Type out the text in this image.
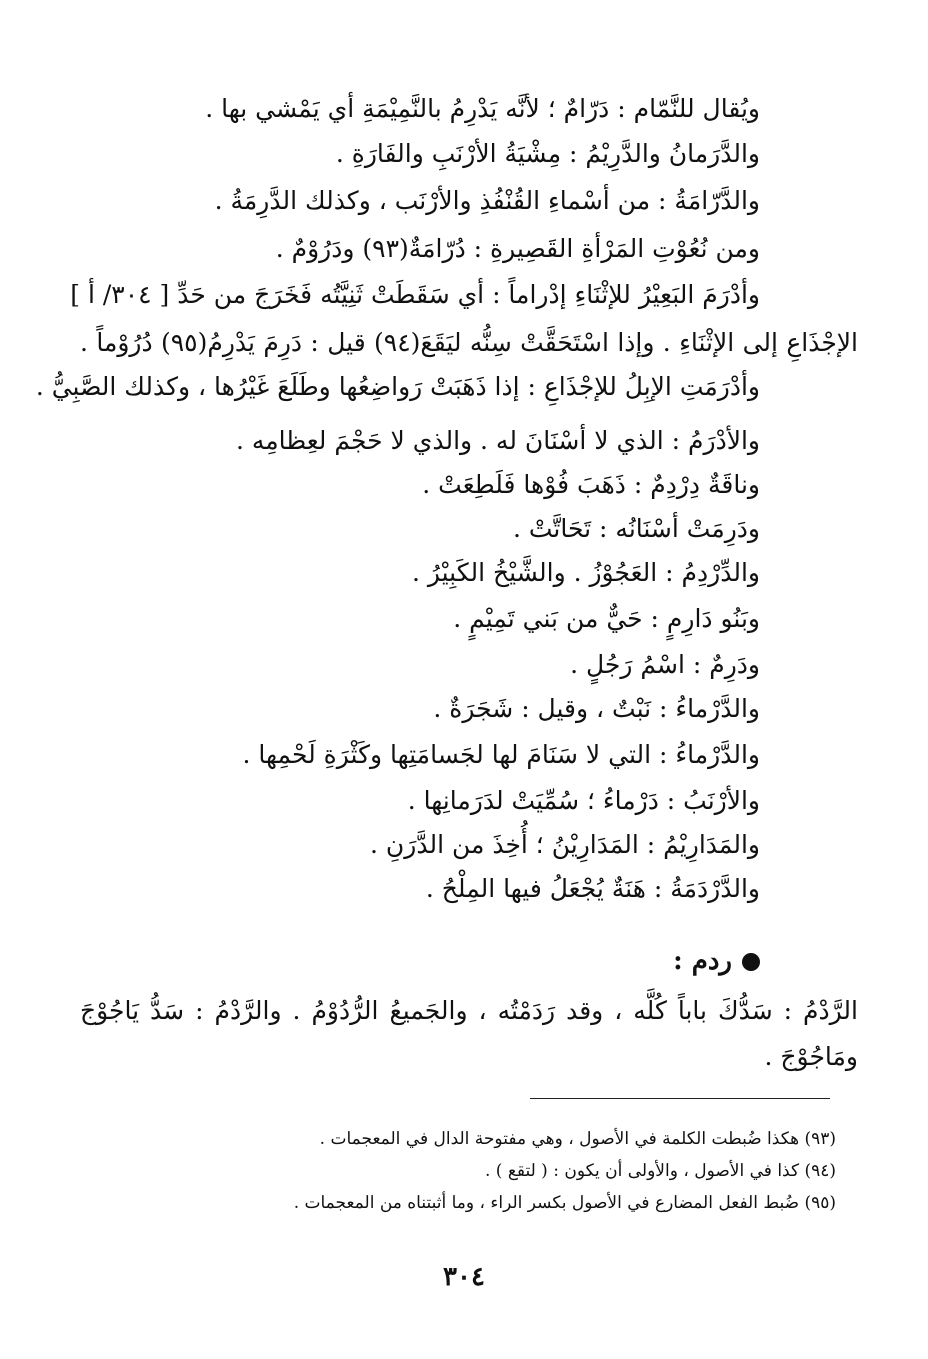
ويُقال للنَّمّام : دَرّامٌ ؛ لأنَّه يَدْرِمُ بالنَّمِيْمَةِ أي يَمْشي بها .
والدَّرَمانُ والدَّرِيْمُ : مِشْيَةُ الأرْنَبِ والفَارَةِ .
والدَّرّامَةُ : من أسْماءِ القُنْفُذِ والأرْنَب ، وكذلك الدَّرِمَةُ .
ومن نُعُوْتِ المَرْأةِ القَصِيرةِ : دُرّامَةٌ(٩٣) ودَرُوْمٌ .
وأدْرَمَ البَعِيْرُ للإثْنَاءِ إدْراماً : أي سَقَطَتْ ثَنِيَّتُه فَخَرَجَ من حَدِّ [ ٣٠٤/ أ ]
الإجْذَاعِ إلى الإثْنَاءِ . وإذا اسْتَحَقَّتْ سِنُّه ليَقَعَ(٩٤) قيل : دَرِمَ يَدْرِمُ(٩٥) دُرُوْماً .
وأدْرَمَتِ الإبِلُ للإجْذَاعِ : إذا ذَهَبَتْ رَواضِعُها وطَلَعَ غَيْرُها ، وكذلك الصَّبِيُّ .
والأدْرَمُ : الذي لا أسْنَانَ له . والذي لا حَجْمَ لعِظامِه .
وناقَةٌ دِرْدِمٌ : ذَهَبَ فُوْها فَلَطِعَتْ .
ودَرِمَتْ أسْنَانُه : تَحَاتَّتْ .
والدِّرْدِمُ : العَجُوْزُ . والشَّيْخُ الكَبِيْرُ .
وبَنُو دَارِمٍ : حَيٌّ من بَني تَمِيْمٍ .
ودَرِمٌ : اسْمُ رَجُلٍ .
والدَّرْماءُ : نَبْتٌ ، وقيل : شَجَرَةٌ .
والدَّرْماءُ : التي لا سَنَامَ لها لجَسامَتِها وكَثْرَةِ لَحْمِها .
والأرْنَبُ : دَرْماءُ ؛ سُمِّيَتْ لدَرَمانِها .
والمَدَارِيْمُ : المَدَارِيْنُ ؛ أُخِذَ من الدَّرَنِ .
والدَّرْدَمَةُ : هَنَةٌ يُجْعَلُ فيها المِلْحُ .
ردم :
الرَّدْمُ : سَدُّكَ باباً كُلَّه ، وقد رَدَمْتُه ، والجَميعُ الرُّدُوْمُ . والرَّدْمُ : سَدُّ يَاجُوْجَ
ومَاجُوْجَ .
(٩٣) هكذا ضُبطت الكلمة في الأصول ، وهي مفتوحة الدال في المعجمات .
(٩٤) كذا في الأصول ، والأولى أن يكون : ( لتقع ) .
(٩٥) ضُبط الفعل المضارع في الأصول بكسر الراء ، وما أثبتناه من المعجمات .
٣٠٤
